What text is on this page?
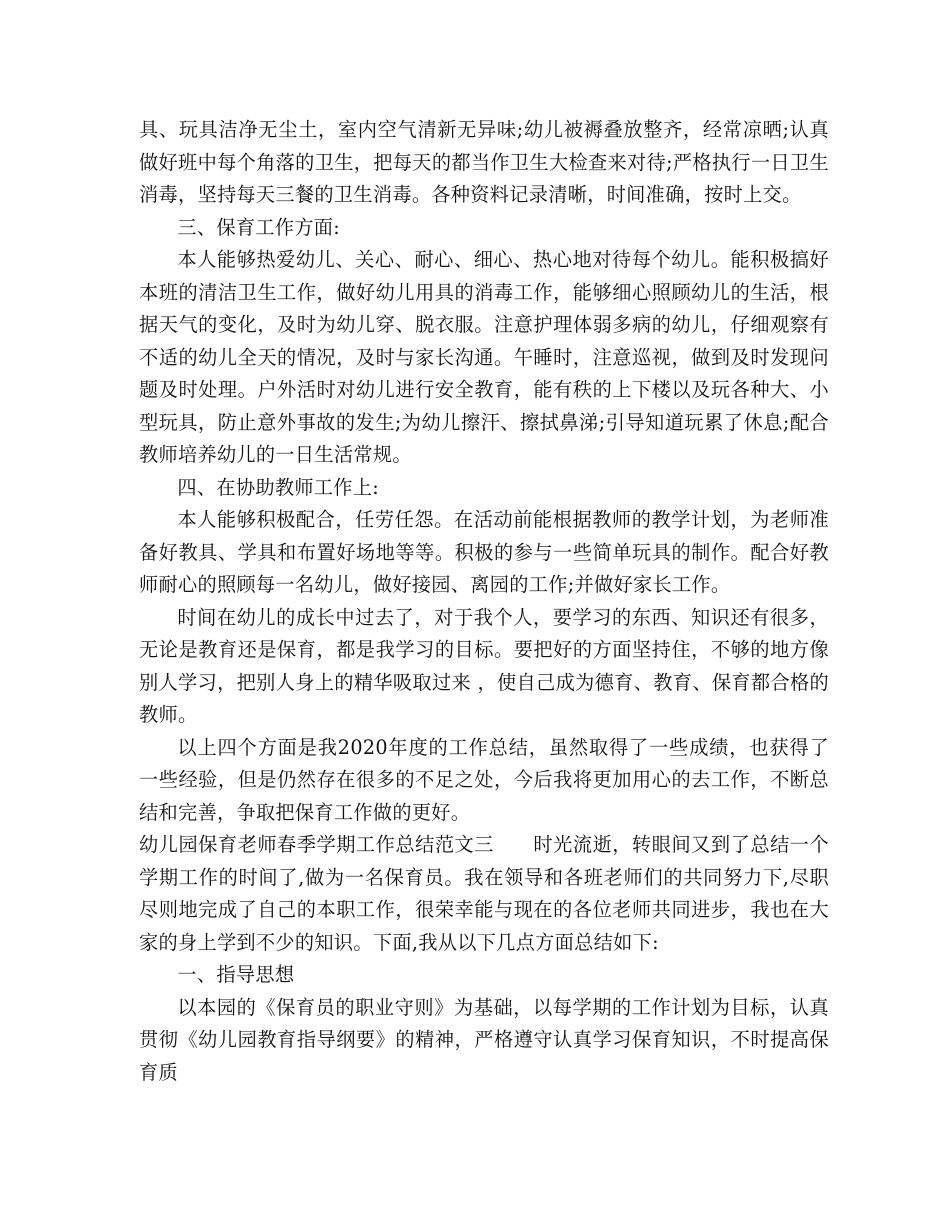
具、玩具洁净无尘土，室内空气清新无异味;幼儿被褥叠放整齐，经常凉晒;认真做好班中每个角落的卫生，把每天的都当作卫生大检查来对待;严格执行一日卫生消毒，坚持每天三餐的卫生消毒。各种资料记录清晰，时间准确，按时上交。

三、保育工作方面:

本人能够热爱幼儿、关心、耐心、细心、热心地对待每个幼儿。能积极搞好本班的清洁卫生工作，做好幼儿用具的消毒工作，能够细心照顾幼儿的生活，根据天气的变化，及时为幼儿穿、脱衣服。注意护理体弱多病的幼儿，仔细观察有不适的幼儿全天的情况，及时与家长沟通。午睡时，注意巡视，做到及时发现问题及时处理。户外活时对幼儿进行安全教育，能有秩的上下楼以及玩各种大、小型玩具，防止意外事故的发生;为幼儿擦汗、擦拭鼻涕;引导知道玩累了休息;配合教师培养幼儿的一日生活常规。

四、在协助教师工作上:

本人能够积极配合，任劳任怨。在活动前能根据教师的教学计划，为老师准备好教具、学具和布置好场地等等。积极的参与一些简单玩具的制作。配合好教师耐心的照顾每一名幼儿，做好接园、离园的工作;并做好家长工作。

时间在幼儿的成长中过去了，对于我个人，要学习的东西、知识还有很多，无论是教育还是保育，都是我学习的目标。要把好的方面坚持住，不够的地方像别人学习，把别人身上的精华吸取过来 ，使自己成为德育、教育、保育都合格的教师。

以上四个方面是我2020年度的工作总结，虽然取得了一些成绩，也获得了一些经验，但是仍然存在很多的不足之处，今后我将更加用心的去工作，不断总结和完善，争取把保育工作做的更好。

幼儿园保育老师春季学期工作总结范文三　　时光流逝，转眼间又到了总结一个学期工作的时间了,做为一名保育员。我在领导和各班老师们的共同努力下,尽职尽则地完成了自己的本职工作，很荣幸能与现在的各位老师共同进步，我也在大家的身上学到不少的知识。下面,我从以下几点方面总结如下:

一、指导思想

以本园的《保育员的职业守则》为基础，以每学期的工作计划为目标，认真贯彻《幼儿园教育指导纲要》的精神，严格遵守认真学习保育知识，不时提高保育质
